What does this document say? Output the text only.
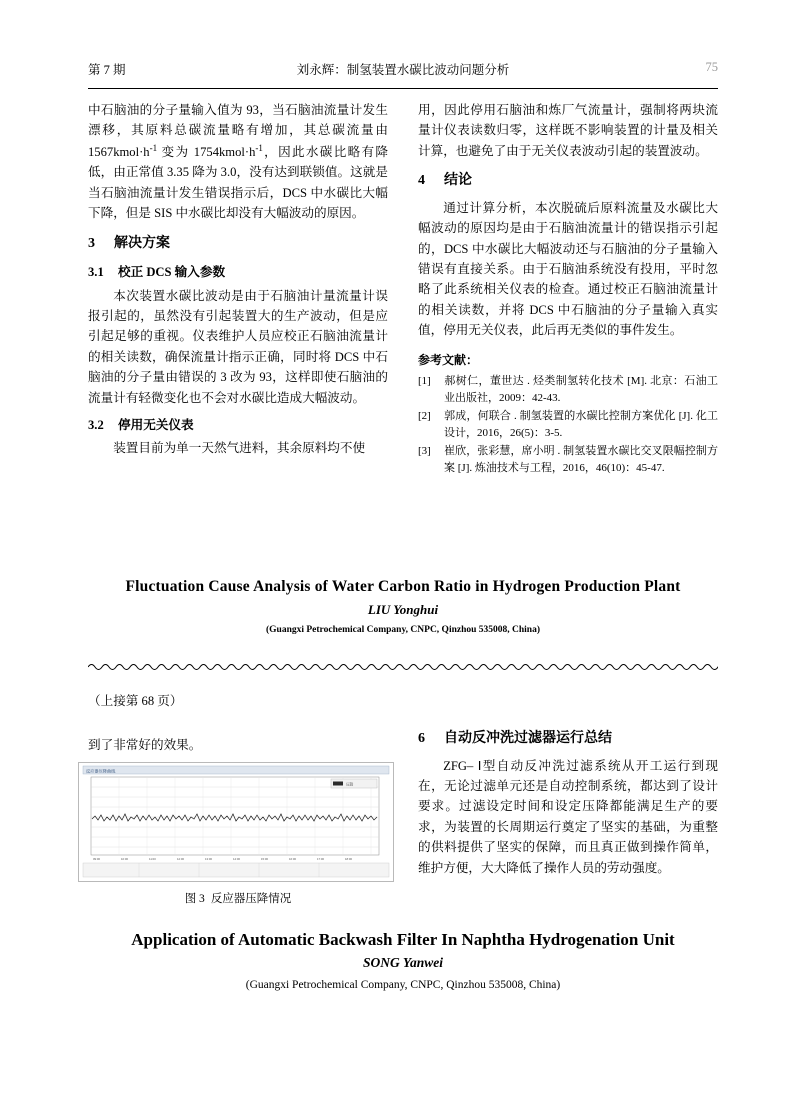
第 7 期	刘永辉：制氢装置水碳比波动问题分析	75

中石脑油的分子量输入值为 93，当石脑油流量计发生漂移，其原料总碳流量略有增加，其总碳流量由 $1567kmol\cdot h^{-1}$ 变为 $1754kmol\cdot h^{-1}$，因此水碳比略有降低，由正常值 3.35 降为 3.0，没有达到联锁值。这就是当石脑油流量计发生错误指示后，DCS 中水碳比大幅下降，但是 SIS 中水碳比却没有大幅波动的原因。

3 解决方案
3.1 校正 DCS 输入参数

本次装置水碳比波动是由于石脑油计量流量计误报引起的，虽然没有引起装置大的生产波动，但是应引起足够的重视。仪表维护人员应校正石脑油流量计的相关读数，确保流量计指示正确，同时将 DCS 中石脑油的分子量由错误的 3 改为 93，这样即使石脑油的流量计有轻微变化也不会对水碳比造成大幅波动。

3.2 停用无关仪表

装置目前为单一天然气进料，其余原料均不使

用，因此停用石脑油和炼厂气流量计，强制将两块流量计仪表读数归零，这样既不影响装置的计量及相关计算，也避免了由于无关仪表波动引起的装置波动。

4 结论

通过计算分析，本次脱硫后原料流量及水碳比大幅波动的原因均是由于石脑油流量计的错误指示引起的，DCS 中水碳比大幅波动还与石脑油的分子量输入错误有直接关系。由于石脑油系统没有投用，平时忽略了此系统相关仪表的检查。通过校正石脑油流量计的相关读数，并将 DCS 中石脑油的分子量输入真实值，停用无关仪表，此后再无类似的事件发生。

参考文献：

[1] 郝树仁，董世达 . 烃类制氢转化技术 [M]. 北京：石油工业出版社，2009：42-43.

[2] 郭成，何联合 . 制氢装置的水碳比控制方案优化 [J]. 化工设计，2016，26(5)：3-5.

[3] 崔欣，张彩慧，席小明 . 制氢装置水碳比交叉限幅控制方案 [J]. 炼油技术与工程，2016，46(10)：45-47.

Fluctuation Cause Analysis of Water Carbon Ratio in Hydrogen Production Plant
LIU Yonghui
(Guangxi Petrochemical Company, CNPC, Qinzhou 535008, China)
（上接第 68 页）

到了非常好的效果。

反应器压降曲线
压降
09:00	10:00	11:00	12:00	13:00	14:00	15:00	16:00	17:00	18:00
图 3 反应器压降情况
6 自动反冲洗过滤器运行总结

ZFG– Ⅰ型自动反冲洗过滤系统从开工运行到现在，无论过滤单元还是自动控制系统，都达到了设计要求。过滤设定时间和设定压降都能满足生产的要求，为装置的长周期运行奠定了坚实的基础，为重整的供料提供了坚实的保障，而且真正做到操作简单，维护方便，大大降低了操作人员的劳动强度。

Application of Automatic Backwash Filter In Naphtha Hydrogenation Unit
SONG Yanwei
(Guangxi Petrochemical Company, CNPC, Qinzhou 535008, China)
